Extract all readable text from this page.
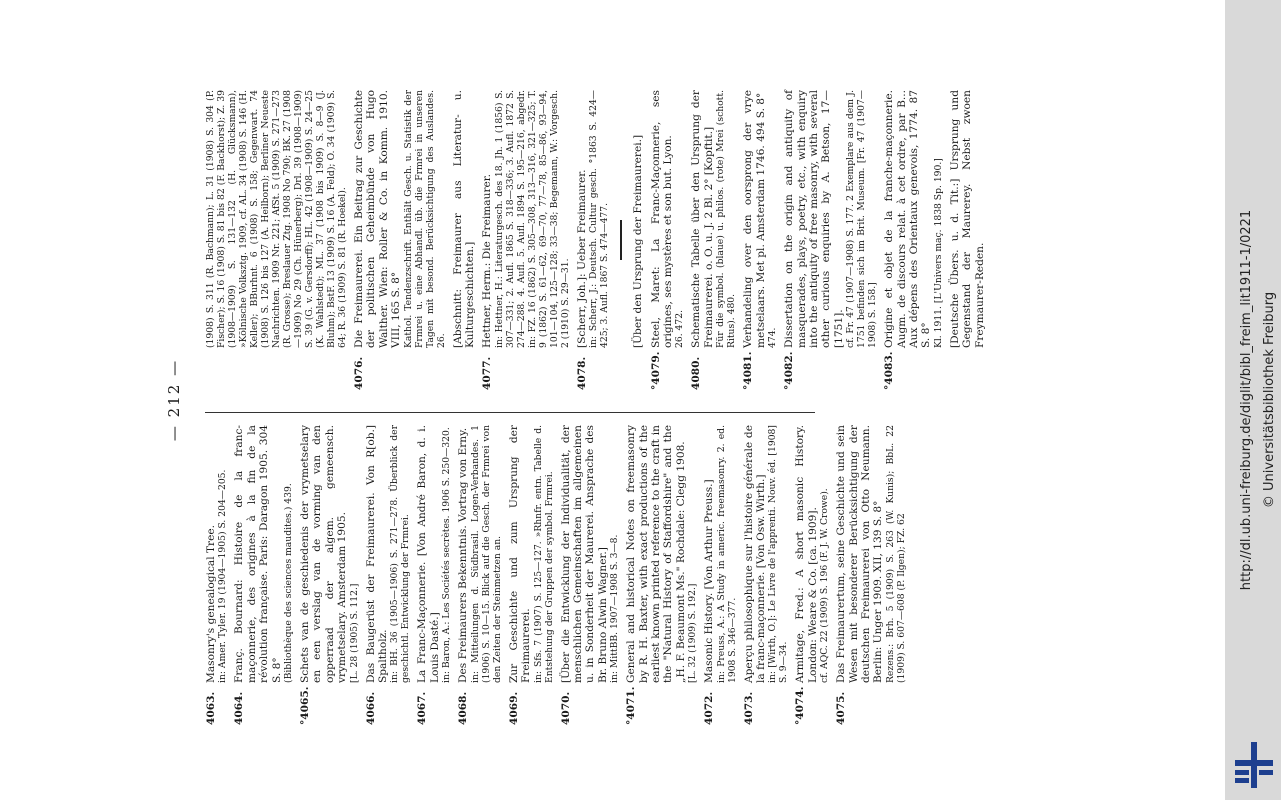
— 212 —
4063.
Masonry's genealogical Tree. in: Amer. Tyler. 19 (1904—1905) S. 204—205.
4064.
Franç. Bournard: Histoire de la franc-maçonnerie, des origines à la fin de la révolution française. Paris: Daragon 1905. 304 S. 8° (Bibliothèque des sciences maudites.) 439.
°4065.
Schets van de geschiedenis der vrymetselary en een verslag van de vorming van den opperraad der algem. gemeensch. vrymetselary. Amsterdam 1905. [L. 28 (1905) S. 112.]
4066.
Das Baugerüst der Freimaurerei. Von R[ob.] Spaltholz. in: BH. 36 (1905—1906) S. 271—278. Überblick der geschichtl. Entwicklung der Frmrei.
4067.
La Franc-Maçonnerie. [Von André Baron, d. i. Louis Dasté.] in: Baron, A.: Les Sociétés secrètes. 1906 S. 250—320.
4068.
Des Freimaurers Bekenntnis. Vortrag von Erny. in: Mitteilungen d. Südbrasil. Logen-Verbandes. 1 (1906) S. 10—15. Blick auf die Gesch. der Frmrei von den Zeiten der Steinmetzen an.
4069.
Zur Geschichte und zum Ursprung der Freimaurerei. in: Sfs. 7 (1907) S. 125—127. »Rhnfr. entn. Tabelle d. Entstehung der Gruppen der symbol. Frmrei.
4070.
[Über die Entwicklung der Individualität, der menschlichen Gemeinschaften im allgemeinen u. in Sonderheit der Maurerei. Ansprache des Br. Bruno Alwin Wagner.] in: MittBB. 1907—1908 S. 3—8.
°4071.
General and historical Notes on freemasonry by R. H. Baxter, with exact productions of the earliest known printed reference to the craft in the "Natural History of Staffordshire" and the „H. F. Beaumont Ms." Rochdale: Clegg 1908. [L. 32 (1909) S. 192.]
4072.
Masonic History. [Von Arthur Preuss.] in: Preuss, A.: A Study in americ. freemasonry. 2. ed. 1908 S. 346—377.
4073.
Aperçu philosophique sur l'histoire générale de la franc-maçonnerie. [Von Osw. Wirth.] in: [Wirth, O.]: Le Livre de l'apprenti. Nouv. éd. [1908] S. 9—34.
°4074.
Armitage, Fred.: A short masonic History. London: Weare & Co. [ca. 1909]. cf. AQC. 22 (1909) S. 196 (F. J. W. Crowe).
4075.
Das Freimaurertum, seine Geschichte und sein Wesen mit besonderer Berücksichtigung der deutschen Freimaurerei von Otto Neumann. Berlin: Unger 1909. XII, 139 S. 8° Rezens.: Brh. 5 (1909) S. 263 (W. Kunis); BbL. 22 (1909) S. 607—608 (P. Ilgen); FZ. 62
(1908) S. 311 (R. Bachmann); L. 31 (1908) S. 304 (P. Fischer); S. 16 (1908) S. 81 bis 82 (F. Backhorst); Z. 39 (1908—1909) S. 131—132 (H. Glücksmann), »Kölnische Volksztg. 1909, cf. AL. 34 (1908) S. 146 (H. Keller); BBurhnt. 6 (1908) S. 158; Gegenwart. 74 (1908) S. 126 bis 127 (A. Heilborn); Berliner Neueste Nachrichten. 1909 Nr. 221; AfSt. 5 (1909) S. 271—273 (R. Grosse); Breslauer Ztg. 1908 No 790; BK. 27 (1908—1909) No 29 (Ch. Hünerberg); Drl. 39 (1908—1909) S. 39 (G. v. Gersdorff); HL. 42 (1908—1909) S. 24—25 (K. Wahlstedt); ML. 37 (1908 bis 1909) S. 8—9 (J. Bluhm); BstF. 13 (1909) S. 16 (A. Feld); O. 34 (1909) S. 64; R. 36 (1909) S. 81 (R. Hoekel).
4076.
Die Freimaurerei. Ein Beitrag zur Geschichte der politischen Geheimbünde von Hugo Walther. Wien: Roller & Co. in Komm. 1910. VIII, 165 S. 8° Kathol. Tendenzschrift. Enthält Gesch. u. Statistik der Frmrei u. eine Abhandl. üb. die Frmrei in unseren Tagen mit besond. Berücksichtigung des Auslandes. 26. [Abschnitt: Freimaurer aus Literatur- u. Kulturgeschichten.]
4077.
Hettner, Herm.: Die Freimaurer. in: Hettner, H.: Literaturgesch. des 18. Jh. 1 (1856) S. 307—331; 2. Aufl. 1865 S. 318—336; 3. Aufl. 1872 S. 274—288. 4. Aufl. 5. Aufl. 1894 S. 195—216, abgedr. in: FZ. 16 (1862) S. 305—308, 313—316, 321—325; T. 9 (1862) S. 61—62, 69—70, 77—78, 85—86, 93—94, 101—104, 125—128; 33—38; Begemann, W.: Vorgesch. 2 (1910) S. 29—31.
4078.
[Scherr, Joh.]: Ueber Freimaurer. in: Scherr, J.: Deutsch. Cultur gesch. °1863 S. 424—425; 3. Aufl. 1867 S. 474—477. [Über den Ursprung der Freimaurerei.]
°4079.
Steel, Maret: La Franc-Maçonnerie, ses origines, ses mystères et son but. Lyon. 26. 472.
4080.
Schematische Tabelle über den Ursprung der Freimaurerei. o. O. u. J. 2 Bl. 2° [Kopftit.] Für die symbol. (blaue) u. philos. (rote) Mrei (schott. Ritus). 480.
°4081.
Verhandeling over den oorsprong der vrye metselaars. Met pl. Amsterdam 1746. 494 S. 8° 474.
°4082.
Dissertation on the origin and antiquity of masquerades, plays, poetry, etc., with enquiry into the antiquity of free masonry, with several other curious enquiries by A. Betson, 17—[1751]. cf. Fr. 47 (1907—1908) S. 177. 2 Exemplare aus dem J. 1751 befinden sich im Brit. Museum. [Fr. 47 (1907—1908) S. 158.]
°4083.
Origine et objet de la franche-maçonnerie. Augm. de discours relat. à cet ordre, par B... Aux dépens des Orientaux genevois, 1774. 87 S. 8° Kl. 1911. [L'Univers maç. 1838 Sp. 190.] [Deutsche Übers. u. d. Tit.:] Ursprung und Gegenstand der Maurerey. Nebst zwoen Freymaurer-Reden.	http://dl.ub.uni-freiburg.de/diglit/bibl_freim_lit1911-1/0221 © Universitätsbibliothek Freiburg
